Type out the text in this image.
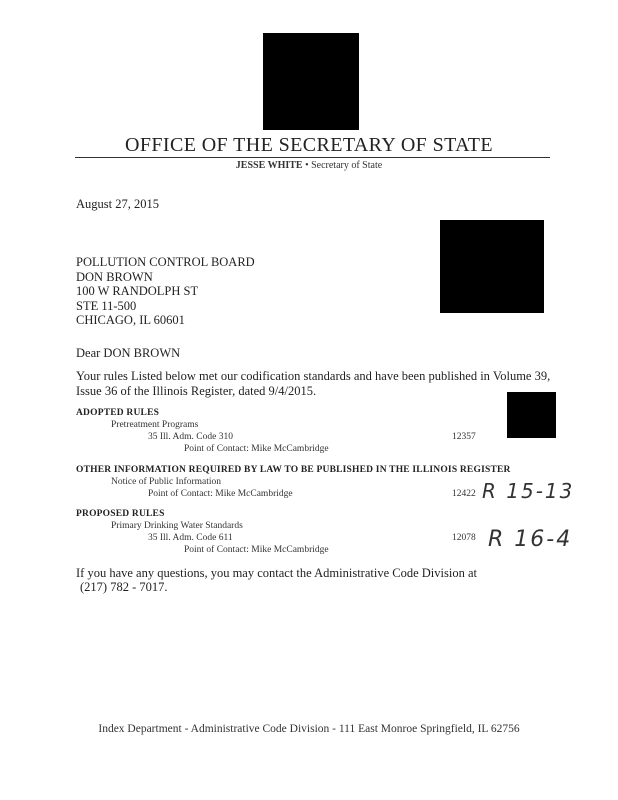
OFFICE OF THE SECRETARY OF STATE
JESSE WHITE • Secretary of State
August 27, 2015
POLLUTION CONTROL BOARD
DON BROWN
100 W RANDOLPH ST
STE 11-500
CHICAGO, IL 60601
Dear DON BROWN
Your rules Listed below met our codification standards and have been published in Volume 39,
Issue 36 of the Illinois Register, dated 9/4/2015.
ADOPTED RULES
Pretreatment Programs
35 Ill. Adm. Code 310
Point of Contact: Mike McCambridge
12357
OTHER INFORMATION REQUIRED BY LAW TO BE PUBLISHED IN THE ILLINOIS REGISTER
Notice of Public Information
Point of Contact: Mike McCambridge	12422 R 15-13
PROPOSED RULES
Primary Drinking Water Standards
35 Ill. Adm. Code 611
Point of Contact: Mike McCambridge
12078 R 16-4
If you have any questions, you may contact the Administrative Code Division at
(217) 782 - 7017.
Index Department - Administrative Code Division - 111 East Monroe Springfield, IL 62756
